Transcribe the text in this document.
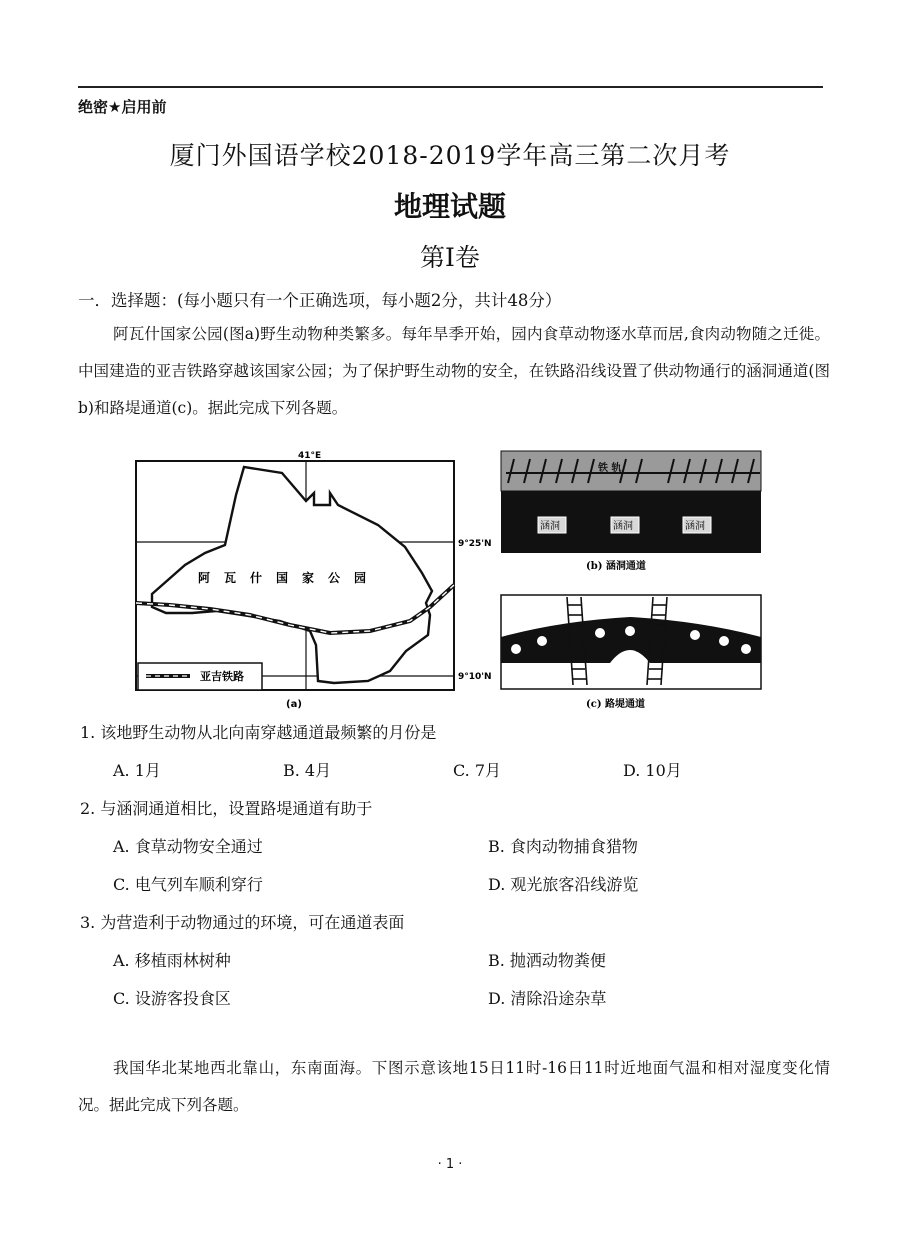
绝密★启用前
厦门外国语学校2018-2019学年高三第二次月考
地理试题
第Ⅰ卷
一．选择题：(每小题只有一个正确选项，每小题2分，共计48分）
阿瓦什国家公园(图a)野生动物种类繁多。每年旱季开始，园内食草动物逐水草而居,食肉动物随之迁徙。中国建造的亚吉铁路穿越该国家公园；为了保护野生动物的安全，在铁路沿线设置了供动物通行的涵洞通道(图b)和路堤通道(c)。据此完成下列各题。
41°E
9°25'N
9°10'N
阿瓦什国家公园
亚吉铁路
(a)
铁 轨
涵洞	涵洞	涵洞
(b) 涵洞通道
铁轨	铁轨
(c) 路堤通道
1. 该地野生动物从北向南穿越通道最频繁的月份是
A. 1月	B. 4月	C. 7月	D. 10月
2. 与涵洞通道相比，设置路堤通道有助于
A. 食草动物安全通过	B. 食肉动物捕食猎物
C. 电气列车顺利穿行	D. 观光旅客沿线游览
3. 为营造利于动物通过的环境，可在通道表面
A. 移植雨林树种	B. 抛洒动物粪便
C. 设游客投食区	D. 清除沿途杂草
我国华北某地西北靠山，东南面海。下图示意该地15日11时-16日11时近地面气温和相对湿度变化情况。据此完成下列各题。
· 1 ·
